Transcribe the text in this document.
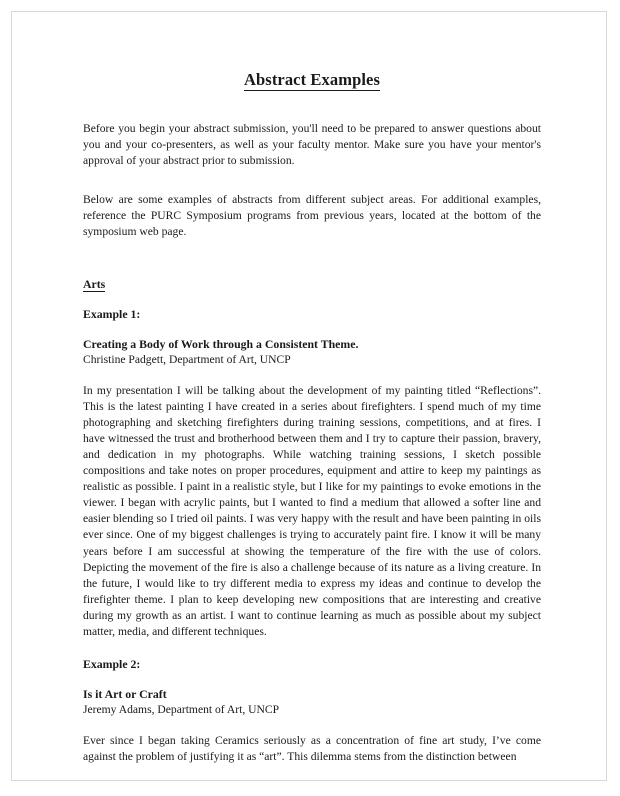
Abstract Examples

Before you begin your abstract submission, you'll need to be prepared to answer questions about you and your co-presenters, as well as your faculty mentor. Make sure you have your mentor's approval of your abstract prior to submission.

Below are some examples of abstracts from different subject areas. For additional examples, reference the PURC Symposium programs from previous years, located at the bottom of the symposium web page.

Arts

Example 1:

Creating a Body of Work through a Consistent Theme.

Christine Padgett, Department of Art, UNCP

In my presentation I will be talking about the development of my painting titled “Reflections”. This is the latest painting I have created in a series about firefighters. I spend much of my time photographing and sketching firefighters during training sessions, competitions, and at fires. I have witnessed the trust and brotherhood between them and I try to capture their passion, bravery, and dedication in my photographs. While watching training sessions, I sketch possible compositions and take notes on proper procedures, equipment and attire to keep my paintings as realistic as possible. I paint in a realistic style, but I like for my paintings to evoke emotions in the viewer. I began with acrylic paints, but I wanted to find a medium that allowed a softer line and easier blending so I tried oil paints. I was very happy with the result and have been painting in oils ever since. One of my biggest challenges is trying to accurately paint fire. I know it will be many years before I am successful at showing the temperature of the fire with the use of colors. Depicting the movement of the fire is also a challenge because of its nature as a living creature. In the future, I would like to try different media to express my ideas and continue to develop the firefighter theme. I plan to keep developing new compositions that are interesting and creative during my growth as an artist. I want to continue learning as much as possible about my subject matter, media, and different techniques.

Example 2:

Is it Art or Craft

Jeremy Adams, Department of Art, UNCP

Ever since I began taking Ceramics seriously as a concentration of fine art study, I’ve come against the problem of justifying it as “art”. This dilemma stems from the distinction between
